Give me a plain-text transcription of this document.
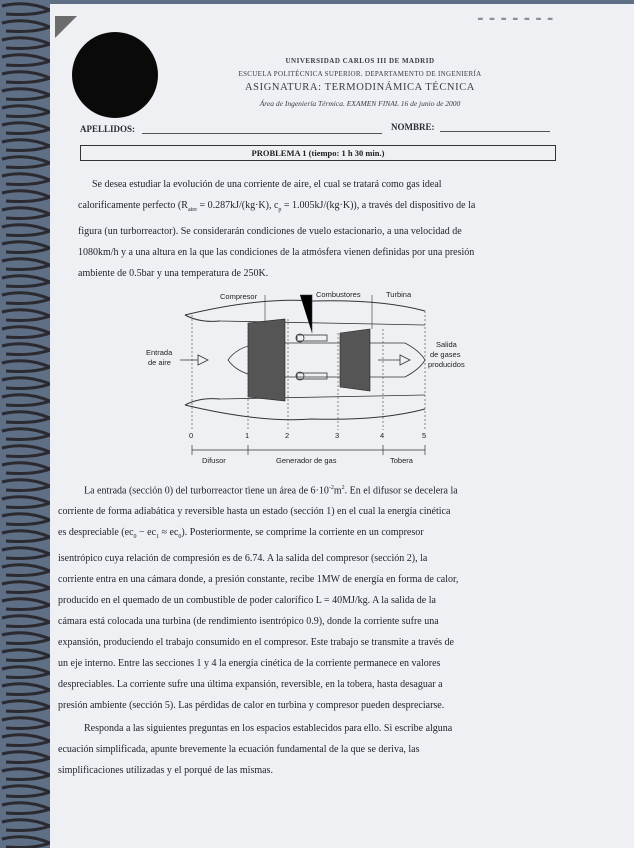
▬ ▬ ▬ ▬ ▬ ▬ ▬
UNIVERSIDAD CARLOS III DE MADRID
ESCUELA POLITÉCNICA SUPERIOR. DEPARTAMENTO DE INGENIERÍA
ASIGNATURA: TERMODINÁMICA TÉCNICA
Área de Ingeniería Térmica. EXAMEN FINAL 16 de junio de 2000
APELLIDOS:	NOMBRE:
PROBLEMA 1 (tiempo: 1 h 30 min.)
Se desea estudiar la evolución de una corriente de aire, el cual se tratará como gas ideal
calorificamente perfecto ($R_{aire} = 0.287kJ/(kg\cdot K)$, $c_p = 1.005kJ/(kg\cdot K)$), a través del dispositivo de la
figura (un turborreactor). Se considerarán condiciones de vuelo estacionario, a una velocidad de
1080km/h y a una altura en la que las condiciones de la atmósfera vienen definidas por una presión
ambiente de 0.5bar y una temperatura de 250K.
Compresor	Combustores	Turbina
Entrada
de aire
Salida
de gases
producidos
0	1	2	3	4	5
Difusor	Generador de gas	Tobera
La entrada (sección 0) del turborreactor tiene un área de $6\cdot 10^{-2}m^2$. En el difusor se decelera la
corriente de forma adiabática y reversible hasta un estado (sección 1) en el cual la energía cinética
es despreciable $(ec_0 - ec_1 \approx ec_0)$. Posteriormente, se comprime la corriente en un compresor
isentrópico cuya relación de compresión es de 6.74. A la salida del compresor (sección 2), la
corriente entra en una cámara donde, a presión constante, recibe 1MW de energía en forma de calor,
producido en el quemado de un combustible de poder calorífico L = 40MJ/kg. A la salida de la
cámara está colocada una turbina (de rendimiento isentrópico 0.9), donde la corriente sufre una
expansión, produciendo el trabajo consumido en el compresor. Este trabajo se transmite a través de
un eje interno. Entre las secciones 1 y 4 la energía cinética de la corriente permanece en valores
despreciables. La corriente sufre una última expansión, reversible, en la tobera, hasta desaguar a
presión ambiente (sección 5). Las pérdidas de calor en turbina y compresor pueden despreciarse.
Responda a las siguientes preguntas en los espacios establecidos para ello. Si escribe alguna
ecuación simplificada, apunte brevemente la ecuación fundamental de la que se deriva, las
simplificaciones utilizadas y el porqué de las mismas.
